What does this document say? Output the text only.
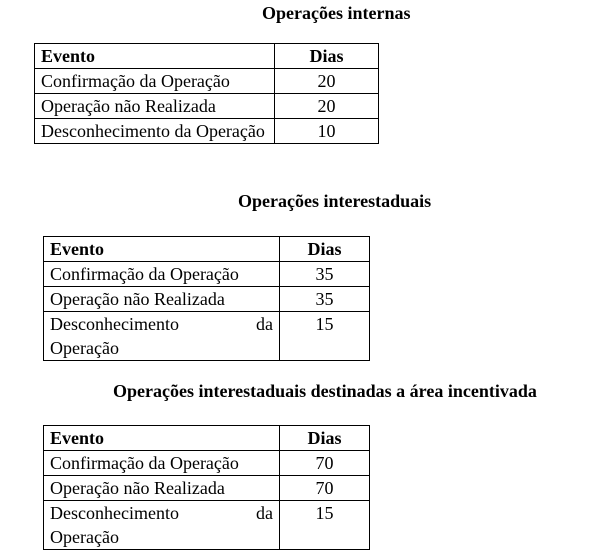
Operações internas
Evento	Dias
Confirmação da Operação	20
Operação não Realizada	20
Desconhecimento da Operação	10
Operações interestaduais
Evento	Dias
Confirmação da Operação	35
Operação não Realizada	35
Desconhecimento da Operação	15
Operações interestaduais destinadas a área incentivada
Evento	Dias
Confirmação da Operação	70
Operação não Realizada	70
Desconhecimento da Operação	15
